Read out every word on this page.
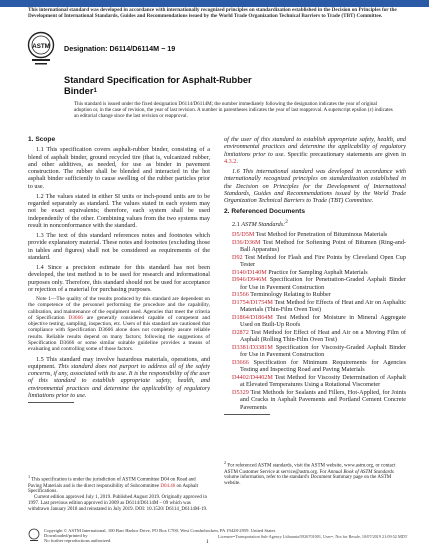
This international standard was developed in accordance with internationally recognized principles on standardization established in the Decision on Principles for the Development of International Standards, Guides and Recommendations issued by the World Trade Organization Technical Barriers to Trade (TBT) Committee.
ASTM Designation: D6114/D6114M − 19
Standard Specification for Asphalt-Rubber Binder$^1$
This standard is issued under the fixed designation D6114/D6114M; the number immediately following the designation indicates the year of original adoption or, in the case of revision, the year of last revision. A number in parentheses indicates the year of last reapproval. A superscript epsilon (ε) indicates an editorial change since the last revision or reapproval.
1. Scope

1.1 This specification covers asphalt-rubber binder, consisting of a blend of asphalt binder, ground recycled tire (that is, vulcanized rubber, and other additives, as needed, for use as binder in pavement construction. The rubber shall be blended and interacted in the hot asphalt binder sufficiently to cause swelling of the rubber particles prior to use.

1.2 The values stated in either SI units or inch-pound units are to be regarded separately as standard. The values stated in each system may not be exact equivalents; therefore, each system shall be used independently of the other. Combining values from the two systems may result in nonconformance with the standard.

1.3 The text of this standard references notes and footnotes which provide explanatory material. These notes and footnotes (excluding those in tables and figures) shall not be considered as requirements of the standard.

1.4 Since a precision estimate for this standard has not been developed, the test method is to be used for research and informational purposes only. Therefore, this standard should not be used for acceptance or rejection of a material for purchasing purposes.

Note 1—The quality of the results produced by this standard are dependent on the competence of the personnel performing the procedure and the capability, calibration, and maintenance of the equipment used. Agencies that meet the criteria of Specification D3666 are generally considered capable of competent and objective testing, sampling, inspection, etc. Users of this standard are cautioned that compliance with Specification D3666 alone does not completely assure reliable results. Reliable results depend on many factors; following the suggestions of Specification D3666 or some similar suitable guideline provides a means of evaluating and controlling some of those factors.

1.5 This standard may involve hazardous materials, operations, and equipment. This standard does not purport to address all of the safety concerns, if any, associated with its use. It is the responsibility of the user of this standard to establish appropriate safety, health, and environmental practices and determine the applicability of regulatory limitations prior to use.

$^1$ This specification is under the jurisdiction of ASTM Committee D04 on Road and Paving Materials and is the direct responsibility of Subcommittee D04.46 on Asphalt Specifications.
Current edition approved July 1, 2019. Published August 2019. Originally approved in 1997. Last previous edition approved in 2009 as D6114/D6114M – 09 which was withdrawn January 2018 and reinstated in July 2019. DOI: 10.1520/ D6114_D6114M-19.

of the user of this standard to establish appropriate safety, health, and environmental practices and determine the applicability of regulatory limitations prior to use. Specific precautionary statements are given in 4.3.2.

1.6 This international standard was developed in accordance with internationally recognized principles on standardization established in the Decision on Principles for the Development of International Standards, Guides and Recommendations issued by the World Trade Organization Technical Barriers to Trade (TBT) Committee.

2. Referenced Documents

2.1 ASTM Standards:$^2$

D5/D5M Test Method for Penetration of Bituminous Materials
D36/D36M Test Method for Softening Point of Bitumen (Ring-and-Ball Apparatus)
D92 Test Method for Flash and Fire Points by Cleveland Open Cup Tester
D140/D140M Practice for Sampling Asphalt Materials
D946/D946M Specification for Penetration-Graded Asphalt Binder for Use in Pavement Construction
D1566 Terminology Relating to Rubber
D1754/D1754M Test Method for Effects of Heat and Air on Asphaltic Materials (Thin-Film Oven Test)
D1864/D1864M Test Method for Moisture in Mineral Aggregate Used on Built-Up Roofs
D2872 Test Method for Effect of Heat and Air on a Moving Film of Asphalt (Rolling Thin-Film Oven Test)
D3381/D3381M Specification for Viscosity-Graded Asphalt Binder for Use in Pavement Construction
D3666 Specification for Minimum Requirements for Agencies Testing and Inspecting Road and Paving Materials
D4402/D4402M Test Method for Viscosity Determination of Asphalt at Elevated Temperatures Using a Rotational Viscometer
D5329 Test Methods for Sealants and Fillers, Hot-Applied, for Joints and Cracks in Asphalt Pavements and Portland Cement Concrete Pavements
$^2$ For referenced ASTM standards, visit the ASTM website, www.astm.org, or contact ASTM Customer Service at service@astm.org. For Annual Book of ASTM Standards volume information, refer to the standard's Document Summary page on the ASTM website.
Copyright © ASTM International, 100 Barr Harbor Drive, PO Box C700, West Conshohocken, PA 19428-2959. United States
Downloaded/printed by
No further reproductions authorized.	1
Licensee=Transportation Sub-Agency Lithuania/5926701001, User=, Not for Resale, 10/07/2019 21:09:52 MDT
